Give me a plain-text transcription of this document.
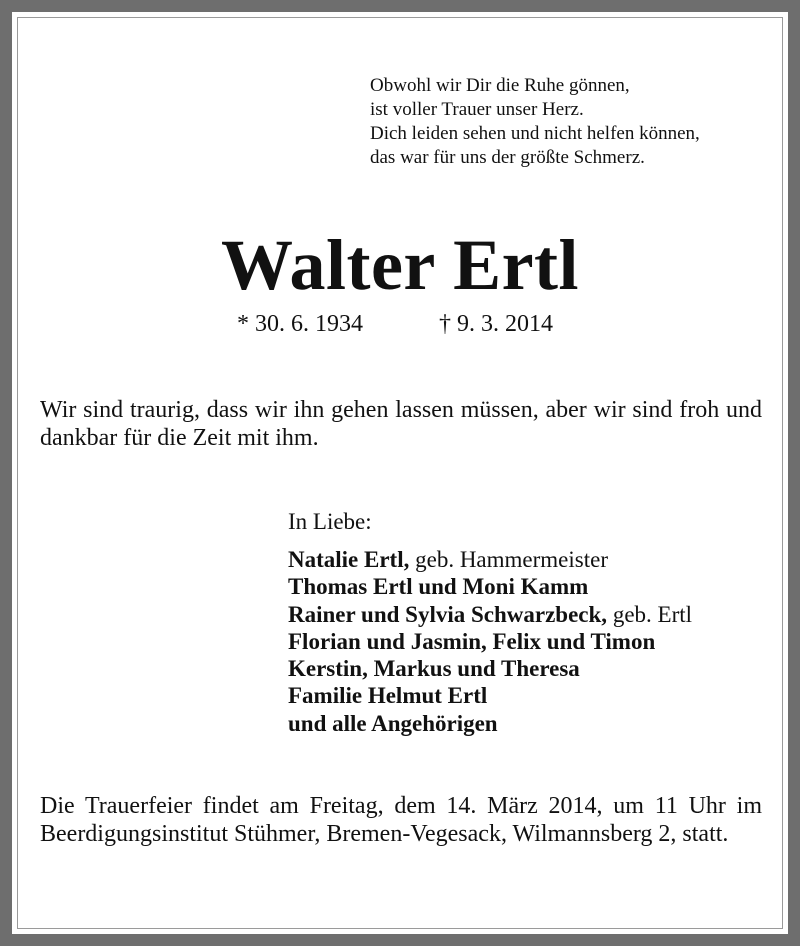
Obwohl wir Dir die Ruhe gönnen,
ist voller Trauer unser Herz.
Dich leiden sehen und nicht helfen können,
das war für uns der größte Schmerz.
Walter Ertl
* 30. 6. 1934	† 9. 3. 2014
Wir sind traurig, dass wir ihn gehen lassen müssen, aber wir sind froh und dankbar für die Zeit mit ihm.
In Liebe:
Natalie Ertl, geb. Hammermeister
Thomas Ertl und Moni Kamm
Rainer und Sylvia Schwarzbeck, geb. Ertl
Florian und Jasmin, Felix und Timon
Kerstin, Markus und Theresa
Familie Helmut Ertl
und alle Angehörigen
Die Trauerfeier findet am Freitag, dem 14. März 2014, um 11 Uhr im Beerdigungsinstitut Stühmer, Bremen-Vegesack, Wilmannsberg 2, statt.
